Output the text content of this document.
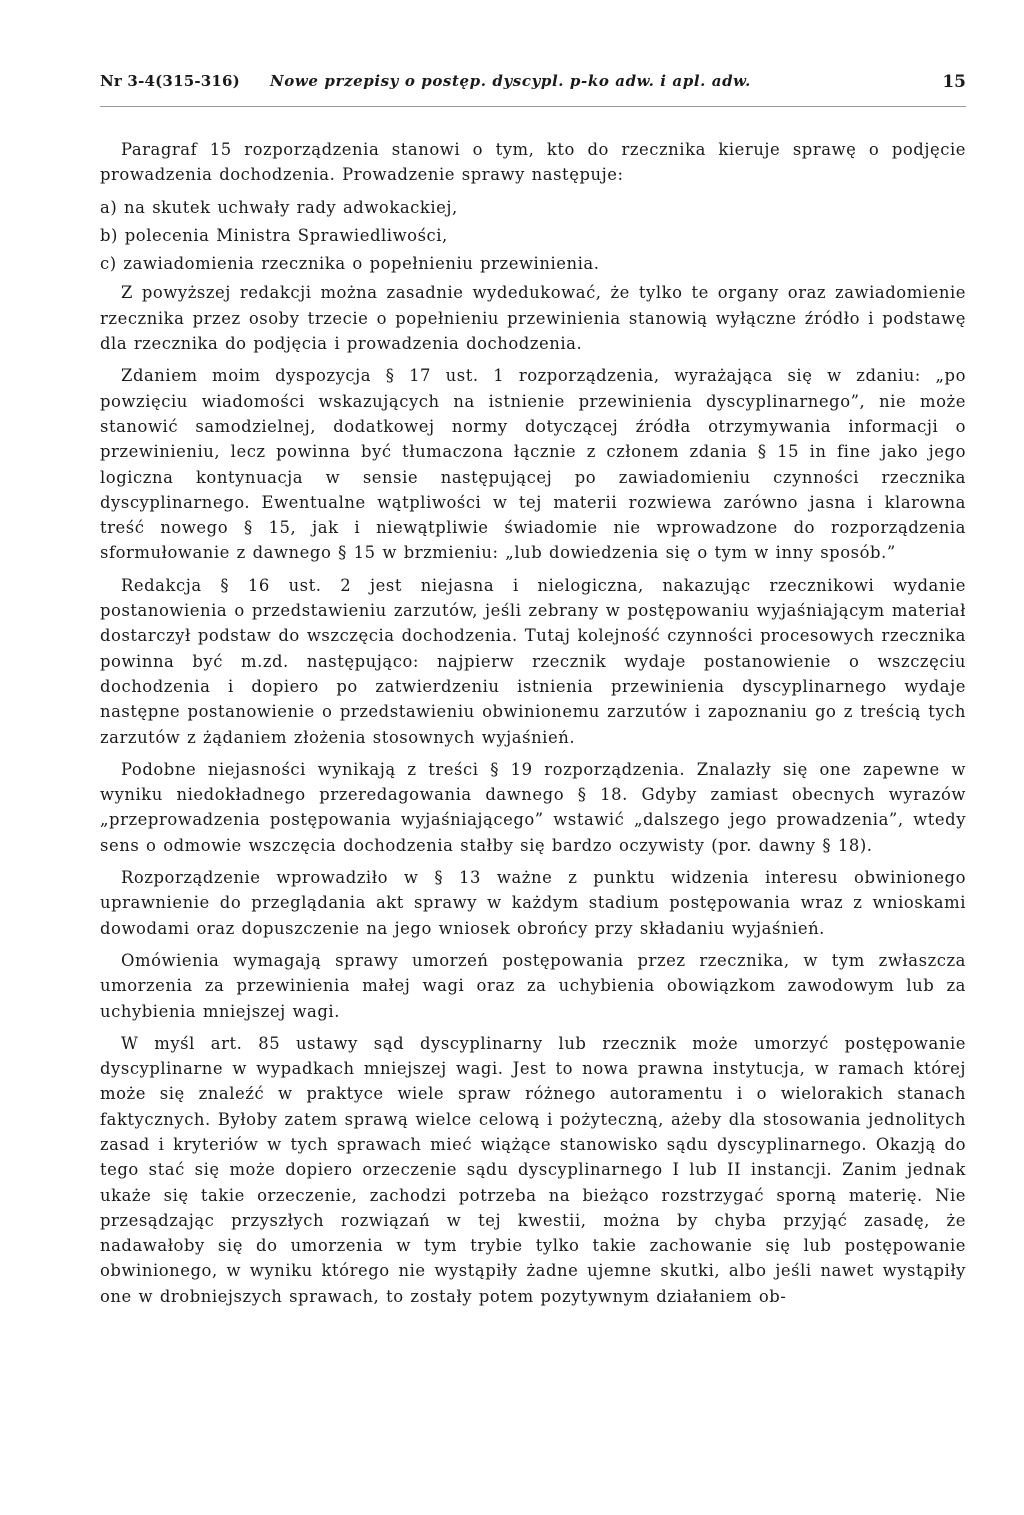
Nr 3-4(315-316) Nowe przepisy o postęp. dyscypl. p-ko adw. i apl. adw.	15

Paragraf 15 rozporządzenia stanowi o tym, kto do rzecznika kieruje sprawę o podjęcie prowadzenia dochodzenia. Prowadzenie sprawy następuje:

a) na skutek uchwały rady adwokackiej,

b) polecenia Ministra Sprawiedliwości,

c) zawiadomienia rzecznika o popełnieniu przewinienia.

Z powyższej redakcji można zasadnie wydedukować, że tylko te organy oraz zawiadomienie rzecznika przez osoby trzecie o popełnieniu przewinienia stanowią wyłączne źródło i podstawę dla rzecznika do podjęcia i prowadzenia dochodzenia.

Zdaniem moim dyspozycja § 17 ust. 1 rozporządzenia, wyrażająca się w zdaniu: „po powzięciu wiadomości wskazujących na istnienie przewinienia dyscyplinarnego”, nie może stanowić samodzielnej, dodatkowej normy dotyczącej źródła otrzymywania informacji o przewinieniu, lecz powinna być tłumaczona łącznie z członem zdania § 15 in fine jako jego logiczna kontynuacja w sensie następującej po zawiadomieniu czynności rzecznika dyscyplinarnego. Ewentualne wątpliwości w tej materii rozwiewa zarówno jasna i klarowna treść nowego § 15, jak i niewątpliwie świadomie nie wprowadzone do rozporządzenia sformułowanie z dawnego § 15 w brzmieniu: „lub dowiedzenia się o tym w inny sposób.”

Redakcja § 16 ust. 2 jest niejasna i nielogiczna, nakazując rzecznikowi wydanie postanowienia o przedstawieniu zarzutów, jeśli zebrany w postępowaniu wyjaśniającym materiał dostarczył podstaw do wszczęcia dochodzenia. Tutaj kolejność czynności procesowych rzecznika powinna być m.zd. następująco: najpierw rzecznik wydaje postanowienie o wszczęciu dochodzenia i dopiero po zatwierdzeniu istnienia przewinienia dyscyplinarnego wydaje następne postanowienie o przedstawieniu obwinionemu zarzutów i zapoznaniu go z treścią tych zarzutów z żądaniem złożenia stosownych wyjaśnień.

Podobne niejasności wynikają z treści § 19 rozporządzenia. Znalazły się one zapewne w wyniku niedokładnego przeredagowania dawnego § 18. Gdyby zamiast obecnych wyrazów „przeprowadzenia postępowania wyjaśniającego” wstawić „dalszego jego prowadzenia”, wtedy sens o odmowie wszczęcia dochodzenia stałby się bardzo oczywisty (por. dawny § 18).

Rozporządzenie wprowadziło w § 13 ważne z punktu widzenia interesu obwinionego uprawnienie do przeglądania akt sprawy w każdym stadium postępowania wraz z wnioskami dowodami oraz dopuszczenie na jego wniosek obrońcy przy składaniu wyjaśnień.

Omówienia wymagają sprawy umorzeń postępowania przez rzecznika, w tym zwłaszcza umorzenia za przewinienia małej wagi oraz za uchybienia obowiązkom zawodowym lub za uchybienia mniejszej wagi.

W myśl art. 85 ustawy sąd dyscyplinarny lub rzecznik może umorzyć postępowanie dyscyplinarne w wypadkach mniejszej wagi. Jest to nowa prawna instytucja, w ramach której może się znaleźć w praktyce wiele spraw różnego autoramentu i o wielorakich stanach faktycznych. Byłoby zatem sprawą wielce celową i pożyteczną, ażeby dla stosowania jednolitych zasad i kryteriów w tych sprawach mieć wiążące stanowisko sądu dyscyplinarnego. Okazją do tego stać się może dopiero orzeczenie sądu dyscyplinarnego I lub II instancji. Zanim jednak ukaże się takie orzeczenie, zachodzi potrzeba na bieżąco rozstrzygać sporną materię. Nie przesądzając przyszłych rozwiązań w tej kwestii, można by chyba przyjąć zasadę, że nadawałoby się do umorzenia w tym trybie tylko takie zachowanie się lub postępowanie obwinionego, w wyniku którego nie wystąpiły żadne ujemne skutki, albo jeśli nawet wystąpiły one w drobniejszych sprawach, to zostały potem pozytywnym działaniem ob-
